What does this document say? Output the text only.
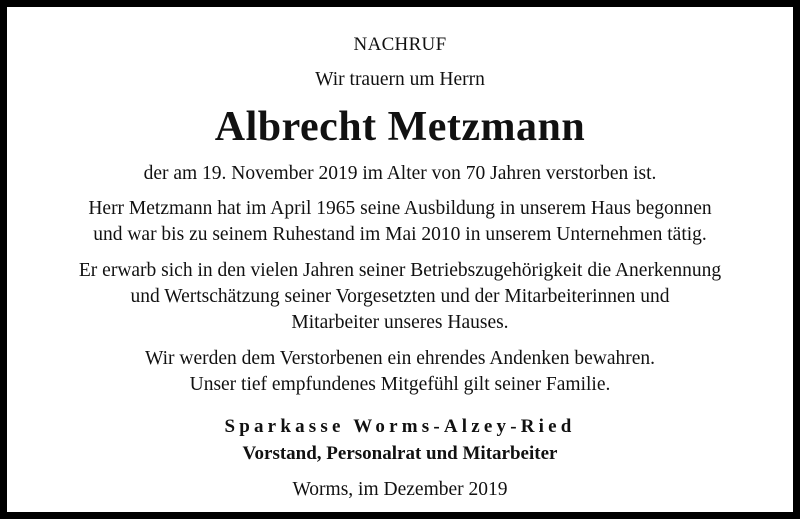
NACHRUF
Wir trauern um Herrn
Albrecht Metzmann
der am 19. November 2019 im Alter von 70 Jahren verstorben ist.
Herr Metzmann hat im April 1965 seine Ausbildung in unserem Haus begonnen
und war bis zu seinem Ruhestand im Mai 2010 in unserem Unternehmen tätig.
Er erwarb sich in den vielen Jahren seiner Betriebszugehörigkeit die Anerkennung
und Wertschätzung seiner Vorgesetzten und der Mitarbeiterinnen und
Mitarbeiter unseres Hauses.
Wir werden dem Verstorbenen ein ehrendes Andenken bewahren.
Unser tief empfundenes Mitgefühl gilt seiner Familie.
Sparkasse Worms-Alzey-Ried
Vorstand, Personalrat und Mitarbeiter
Worms, im Dezember 2019
